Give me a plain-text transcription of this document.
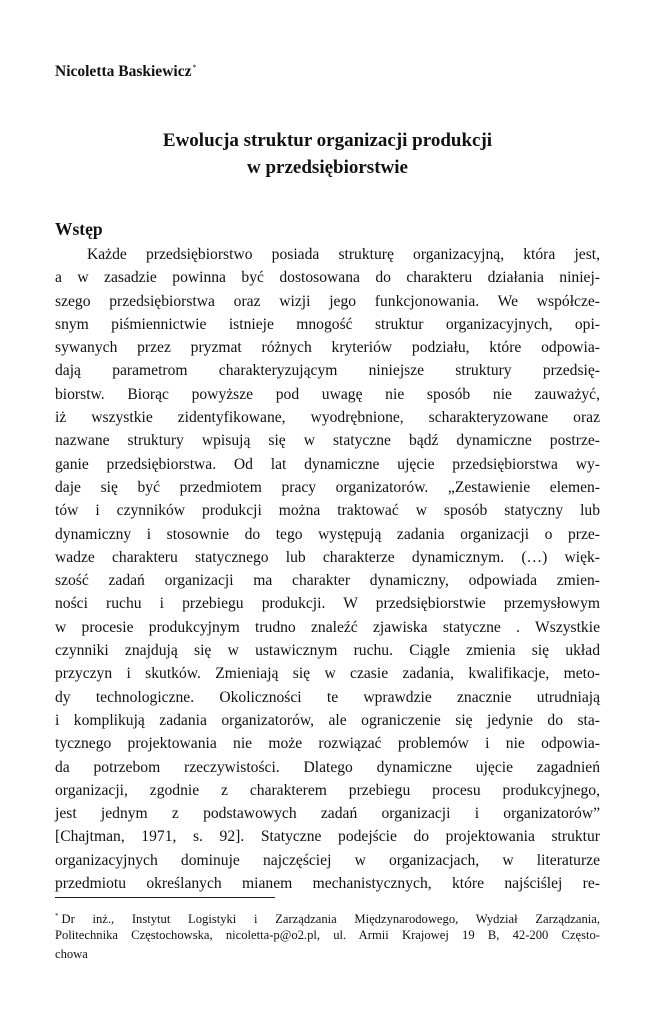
Nicoletta Baskiewicz*
Ewolucja struktur organizacji produkcji
w przedsiębiorstwie
Wstęp
Każde przedsiębiorstwo posiada strukturę organizacyjną, która jest,
a w zasadzie powinna być dostosowana do charakteru działania niniej-
szego przedsiębiorstwa oraz wizji jego funkcjonowania. We współcze-
snym piśmiennictwie istnieje mnogość struktur organizacyjnych, opi-
sywanych przez pryzmat różnych kryteriów podziału, które odpowia-
dają parametrom charakteryzującym niniejsze struktury przedsię-
biorstw. Biorąc powyższe pod uwagę nie sposób nie zauważyć,
iż wszystkie zidentyfikowane, wyodrębnione, scharakteryzowane oraz
nazwane struktury wpisują się w statyczne bądź dynamiczne postrze-
ganie przedsiębiorstwa. Od lat dynamiczne ujęcie przedsiębiorstwa wy-
daje się być przedmiotem pracy organizatorów. „Zestawienie elemen-
tów i czynników produkcji można traktować w sposób statyczny lub
dynamiczny i stosownie do tego występują zadania organizacji o prze-
wadze charakteru statycznego lub charakterze dynamicznym. (…) więk-
szość zadań organizacji ma charakter dynamiczny, odpowiada zmien-
ności ruchu i przebiegu produkcji. W przedsiębiorstwie przemysłowym
w procesie produkcyjnym trudno znaleźć zjawiska statyczne . Wszystkie
czynniki znajdują się w ustawicznym ruchu. Ciągle zmienia się układ
przyczyn i skutków. Zmieniają się w czasie zadania, kwalifikacje, meto-
dy technologiczne. Okoliczności te wprawdzie znacznie utrudniają
i komplikują zadania organizatorów, ale ograniczenie się jedynie do sta-
tycznego projektowania nie może rozwiązać problemów i nie odpowia-
da potrzebom rzeczywistości. Dlatego dynamiczne ujęcie zagadnień
organizacji, zgodnie z charakterem przebiegu procesu produkcyjnego,
jest jednym z podstawowych zadań organizacji i organizatorów”
[Chajtman, 1971, s. 92]. Statyczne podejście do projektowania struktur
organizacyjnych dominuje najczęściej w organizacjach, w literaturze
przedmiotu określanych mianem mechanistycznych, które najściślej re-
* Dr inż., Instytut Logistyki i Zarządzania Międzynarodowego, Wydział Zarządzania,
Politechnika Częstochowska, nicoletta-p@o2.pl, ul. Armii Krajowej 19 B, 42-200 Często-
chowa
